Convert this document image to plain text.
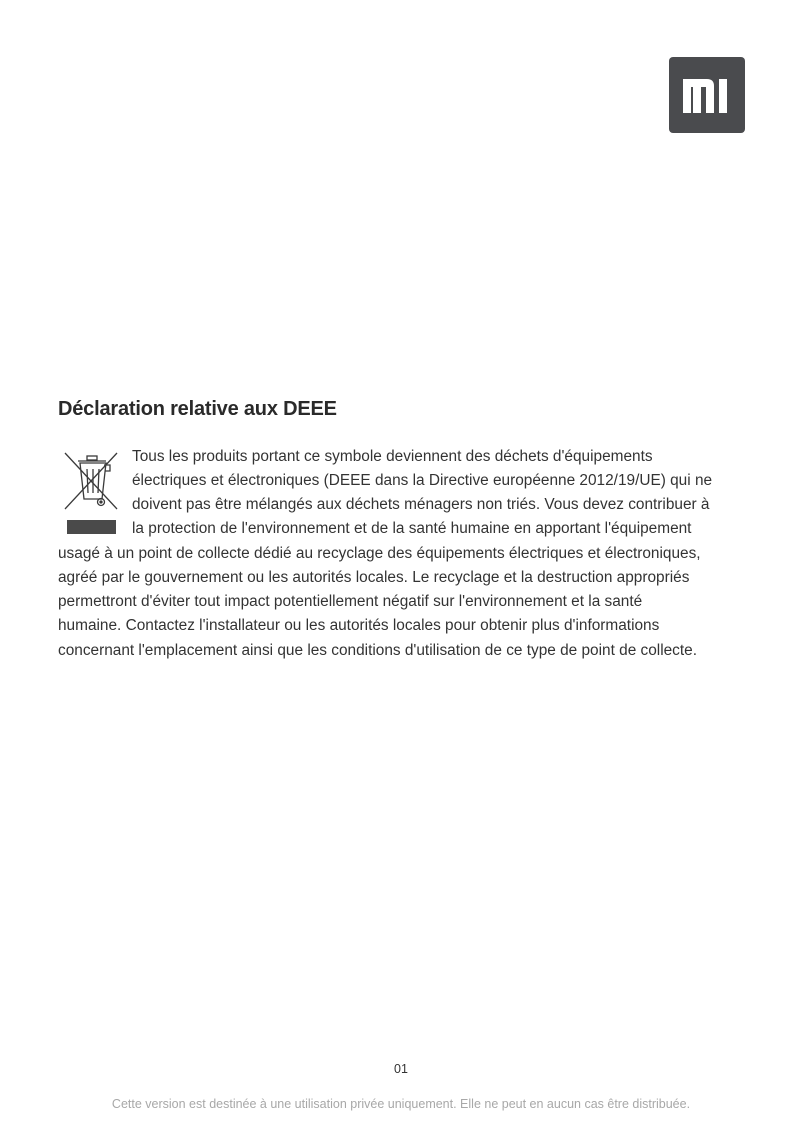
Déclaration relative aux DEEE

Tous les produits portant ce symbole deviennent des déchets d'équipements

électriques et électroniques (DEEE dans la Directive européenne 2012/19/UE) qui ne

doivent pas être mélangés aux déchets ménagers non triés. Vous devez contribuer à

la protection de l'environnement et de la santé humaine en apportant l'équipement

usagé à un point de collecte dédié au recyclage des équipements électriques et électroniques,

agréé par le gouvernement ou les autorités locales. Le recyclage et la destruction appropriés

permettront d'éviter tout impact potentiellement négatif sur l'environnement et la santé

humaine. Contactez l'installateur ou les autorités locales pour obtenir plus d'informations

concernant l'emplacement ainsi que les conditions d'utilisation de ce type de point de collecte.

01
Cette version est destinée à une utilisation privée uniquement. Elle ne peut en aucun cas être distribuée.
